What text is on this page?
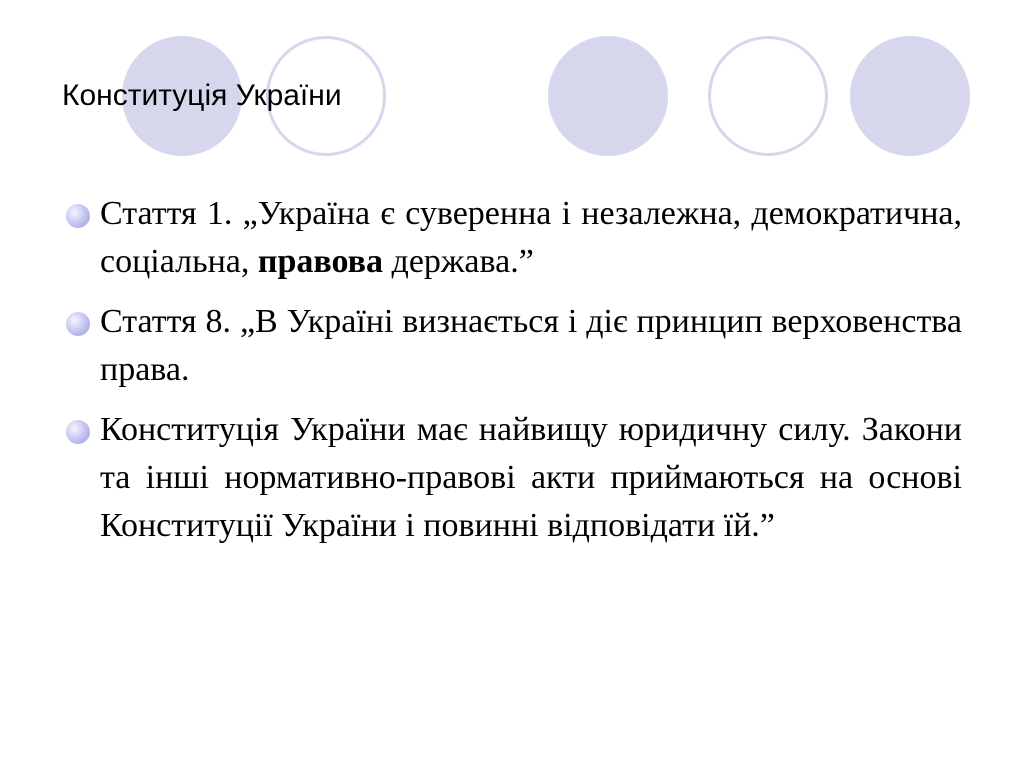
Конституція України
Стаття 1. „Україна є суверенна і незалежна, демократична, соціальна, правова держава.”
Стаття 8. „В Україні визнається і діє принцип верховенства права.
Конституція України має найвищу юридичну силу. Закони та інші нормативно-правові акти приймаються на основі Конституції України і повинні відповідати їй.”
